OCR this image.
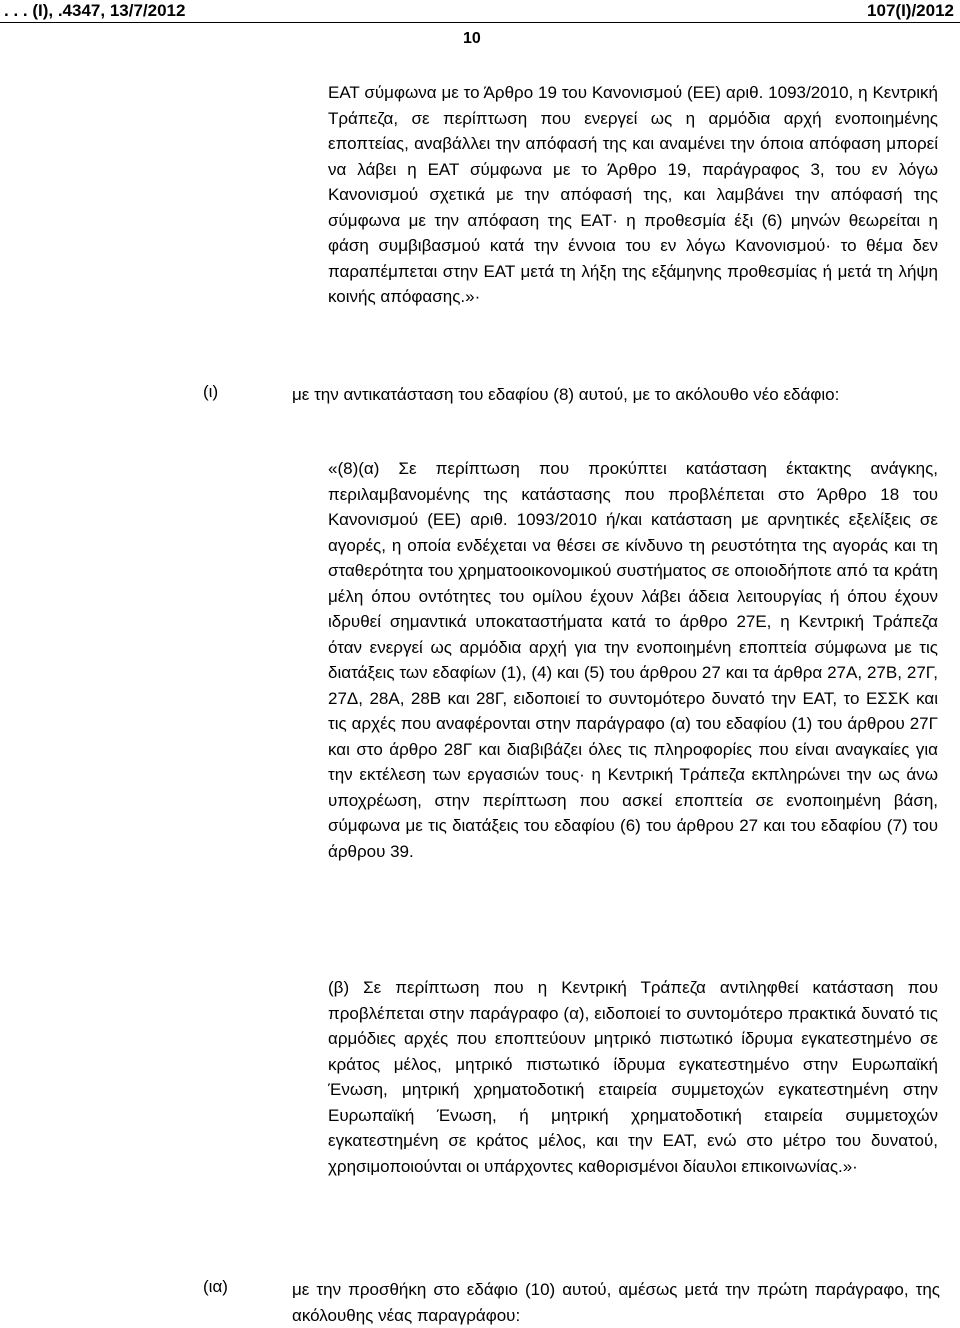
. . . (Ι), .4347, 13/7/2012	107(Ι)/2012
10
ΕΑΤ σύμφωνα με το Άρθρο 19 του Κανονισμού (ΕΕ) αριθ. 1093/2010, η Κεντρική Τράπεζα, σε περίπτωση που ενεργεί ως η αρμόδια αρχή ενοποιημένης εποπτείας, αναβάλλει την απόφασή της και αναμένει την όποια απόφαση μπορεί να λάβει η ΕΑΤ σύμφωνα με το Άρθρο 19, παράγραφος 3, του εν λόγω Κανονισμού σχετικά με την απόφασή της, και λαμβάνει την απόφασή της σύμφωνα με την απόφαση της ΕΑΤ· η προθεσμία έξι (6) μηνών θεωρείται η φάση συμβιβασμού κατά την έννοια του εν λόγω Κανονισμού· το θέμα δεν παραπέμπεται στην ΕΑΤ μετά τη λήξη της εξάμηνης προθεσμίας ή μετά τη λήψη κοινής απόφασης.»·
(ι)	με την αντικατάσταση του εδαφίου (8) αυτού, με το ακόλουθο νέο εδάφιο:
«(8)(α) Σε περίπτωση που προκύπτει κατάσταση έκτακτης ανάγκης, περιλαμβανομένης της κατάστασης που προβλέπεται στο Άρθρο 18 του Κανονισμού (ΕΕ) αριθ. 1093/2010 ή/και κατάσταση με αρνητικές εξελίξεις σε αγορές, η οποία ενδέχεται να θέσει σε κίνδυνο τη ρευστότητα της αγοράς και τη σταθερότητα του χρηματοοικονομικού συστήματος σε οποιοδήποτε από τα κράτη μέλη όπου οντότητες του ομίλου έχουν λάβει άδεια λειτουργίας ή όπου έχουν ιδρυθεί σημαντικά υποκαταστήματα κατά το άρθρο 27Ε, η Κεντρική Τράπεζα όταν ενεργεί ως αρμόδια αρχή για την ενοποιημένη εποπτεία σύμφωνα με τις διατάξεις των εδαφίων (1), (4) και (5) του άρθρου 27 και τα άρθρα 27Α, 27Β, 27Γ, 27Δ, 28Α, 28Β και 28Γ, ειδοποιεί το συντομότερο δυνατό την ΕΑΤ, το ΕΣΣΚ και τις αρχές που αναφέρονται στην παράγραφο (α) του εδαφίου (1) του άρθρου 27Γ και στο άρθρο 28Γ και διαβιβάζει όλες τις πληροφορίες που είναι αναγκαίες για την εκτέλεση των εργασιών τους· η Κεντρική Τράπεζα εκπληρώνει την ως άνω υποχρέωση, στην περίπτωση που ασκεί εποπτεία σε ενοποιημένη βάση, σύμφωνα με τις διατάξεις του εδαφίου (6) του άρθρου 27 και του εδαφίου (7) του άρθρου 39.
(β) Σε περίπτωση που η Κεντρική Τράπεζα αντιληφθεί κατάσταση που προβλέπεται στην παράγραφο (α), ειδοποιεί το συντομότερο πρακτικά δυνατό τις αρμόδιες αρχές που εποπτεύουν μητρικό πιστωτικό ίδρυμα εγκατεστημένο σε κράτος μέλος, μητρικό πιστωτικό ίδρυμα εγκατεστημένο στην Ευρωπαϊκή Ένωση, μητρική χρηματοδοτική εταιρεία συμμετοχών εγκατεστημένη στην Ευρωπαϊκή Ένωση, ή μητρική χρηματοδοτική εταιρεία συμμετοχών εγκατεστημένη σε κράτος μέλος, και την ΕΑΤ, ενώ στο μέτρο του δυνατού, χρησιμοποιούνται οι υπάρχοντες καθορισμένοι δίαυλοι επικοινωνίας.»·
(ια)	με την προσθήκη στο εδάφιο (10) αυτού, αμέσως μετά την πρώτη παράγραφο, της ακόλουθης νέας παραγράφου:
